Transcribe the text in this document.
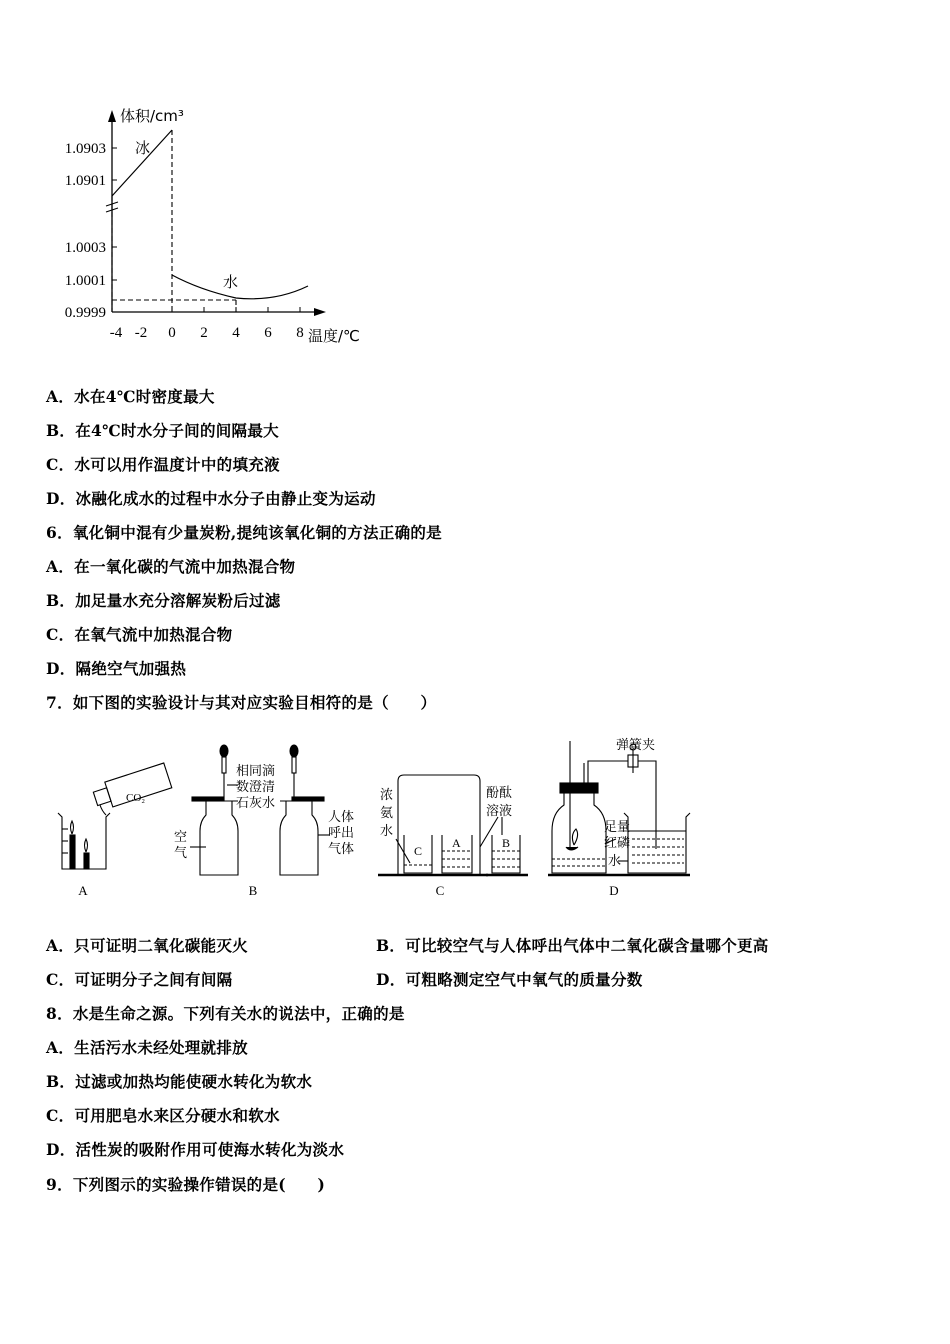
体积/cm³
温度/℃
1.0903
1.0901
1.0003
1.0001
0.9999
-4 -2 0 2 4 6 8
冰
水
A．水在4℃时密度最大
B．在4℃时水分子间的间隔最大
C．水可以用作温度计中的填充液
D．冰融化成水的过程中水分子由静止变为运动
6．氧化铜中混有少量炭粉,提纯该氧化铜的方法正确的是
A．在一氧化碳的气流中加热混合物
B．加足量水充分溶解炭粉后过滤
C．在氧气流中加热混合物
D．隔绝空气加强热
7．如下图的实验设计与其对应实验目相符的是（　　）
CO₂
相同滴
数澄清
石灰水
空
气
人体
呼出
气体
浓
氨
水
酚酞
溶液
C
A	B
弹簧夹
足量
红磷
水
A	B	C	D
A．只可证明二氧化碳能灭火	B．可比较空气与人体呼出气体中二氧化碳含量哪个更高
C．可证明分子之间有间隔	D．可粗略测定空气中氧气的质量分数
8．水是生命之源。下列有关水的说法中，正确的是
A．生活污水未经处理就排放
B．过滤或加热均能使硬水转化为软水
C．可用肥皂水来区分硬水和软水
D．活性炭的吸附作用可使海水转化为淡水
9．下列图示的实验操作错误的是(　　)
